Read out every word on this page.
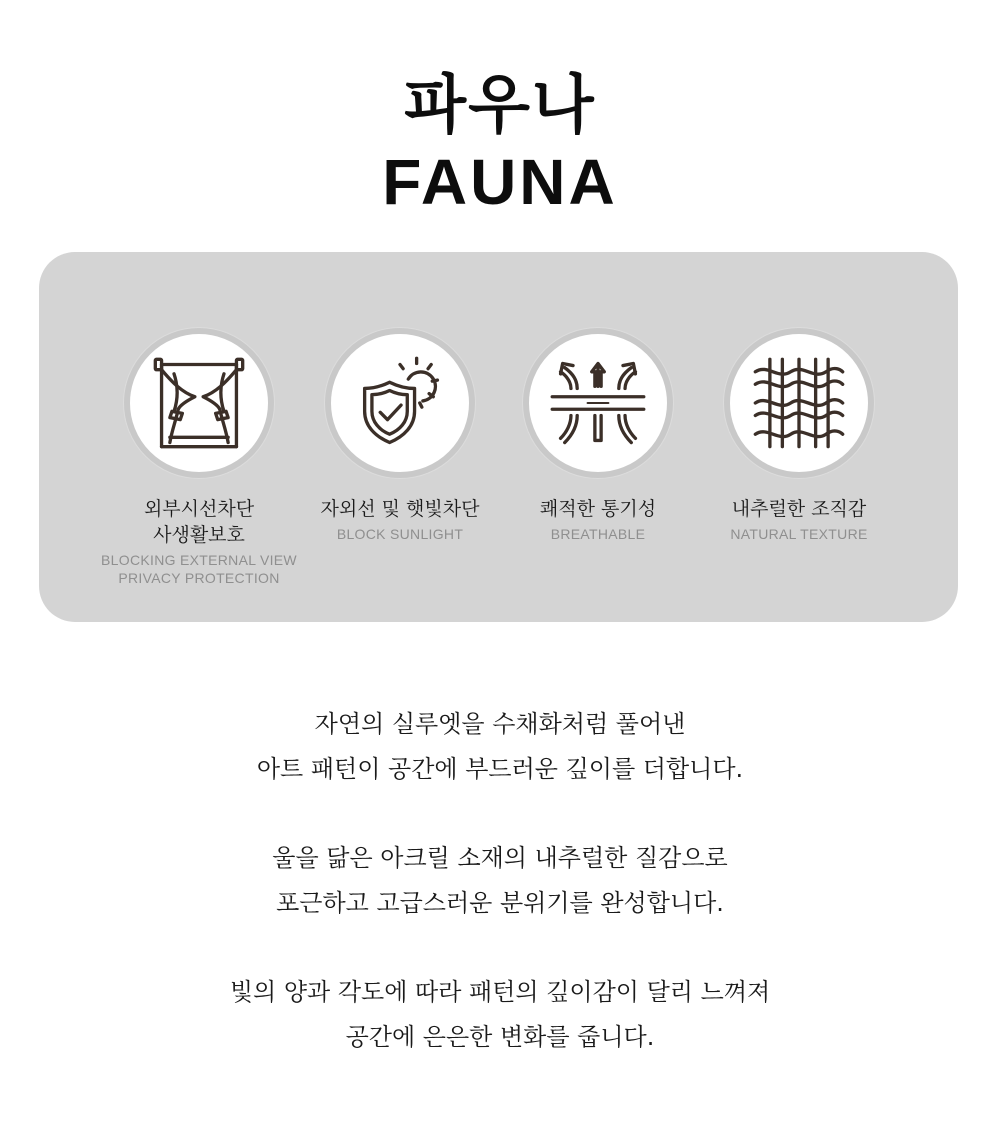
파우나
FAUNA
외부시선차단
사생활보호
BLOCKING EXTERNAL VIEW
PRIVACY PROTECTION
자외선 및 햇빛차단
BLOCK SUNLIGHT
쾌적한 통기성
BREATHABLE
내추럴한 조직감
NATURAL TEXTURE
자연의 실루엣을 수채화처럼 풀어낸
아트 패턴이 공간에 부드러운 깊이를 더합니다.
울을 닮은 아크릴 소재의 내추럴한 질감으로
포근하고 고급스러운 분위기를 완성합니다.
빛의 양과 각도에 따라 패턴의 깊이감이 달리 느껴져
공간에 은은한 변화를 줍니다.
